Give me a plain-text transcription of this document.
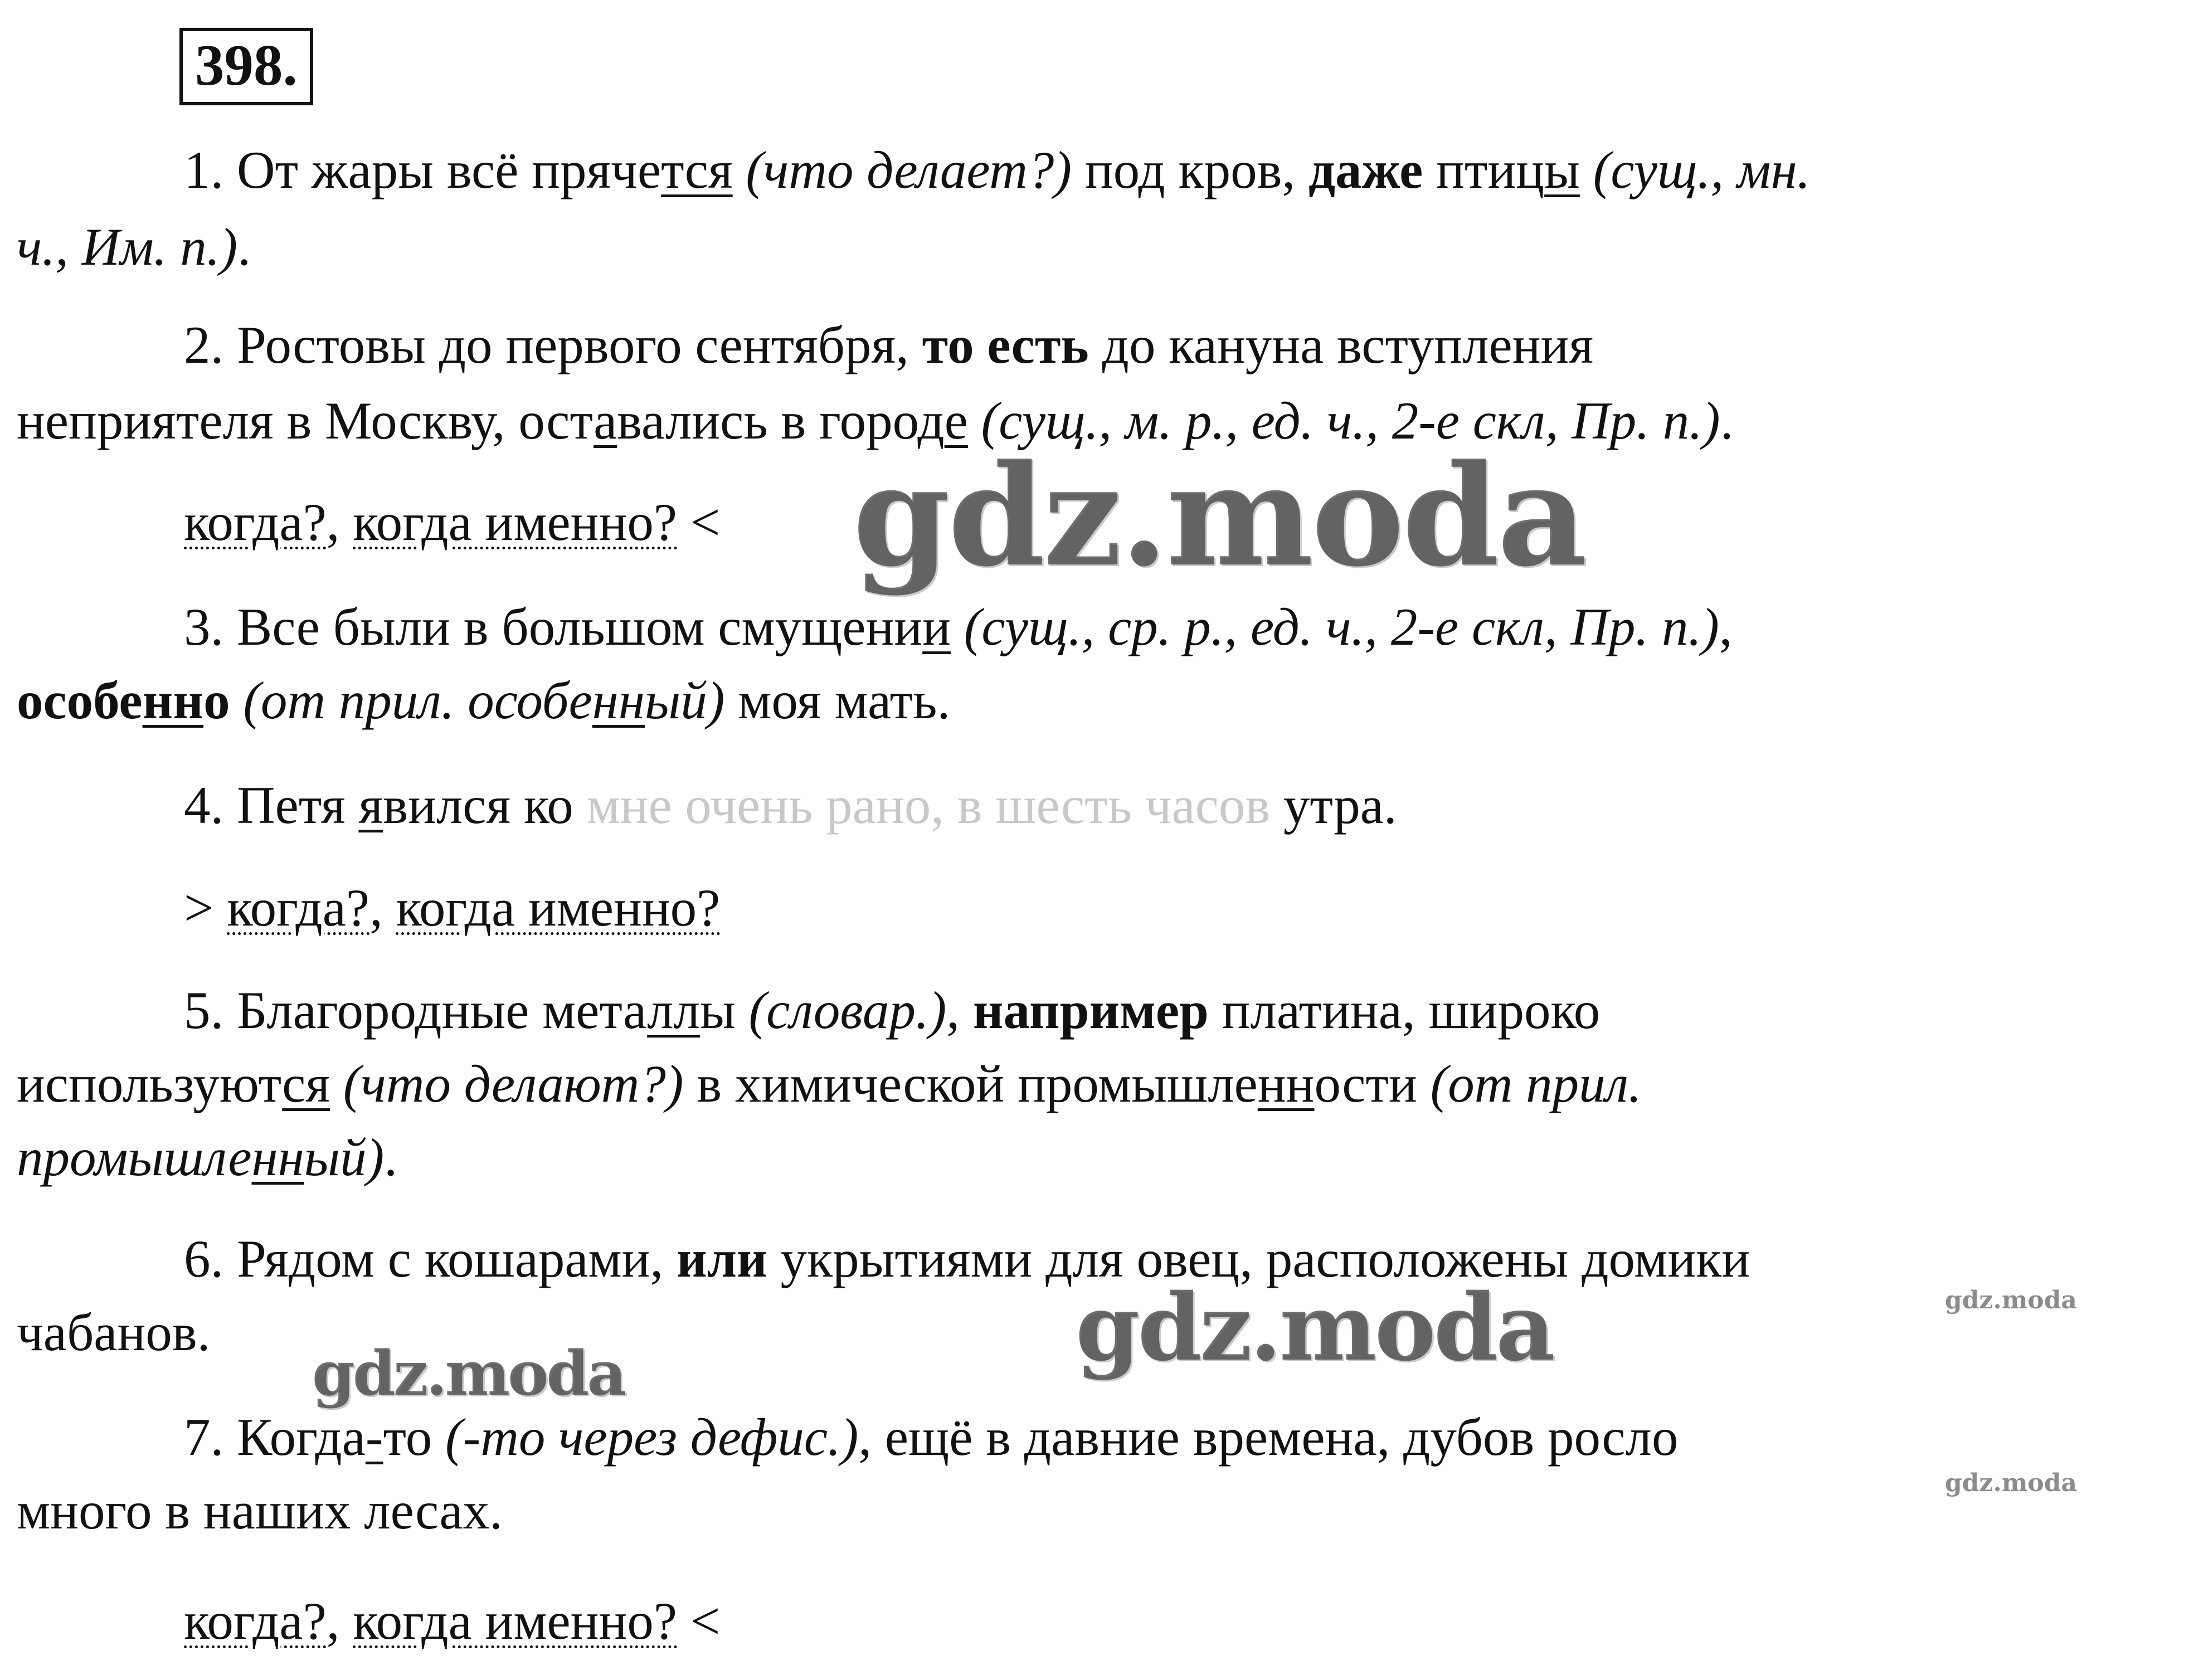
398.
1. От жары всё прячется (что делает?) под кров, даже птицы (сущ., мн.
ч., Им. п.).
2. Ростовы до первого сентября, то есть до кануна вступления
неприятеля в Москву, оставались в городе (сущ., м. р., ед. ч., 2-е скл, Пр. п.).
когда?, когда именно? <
3. Все были в большом смущении (сущ., ср. р., ед. ч., 2-е скл, Пр. п.),
особенно (от прил. особенный) моя мать.
4. Петя явился ко мне очень рано, в шесть часов утра.
> когда?, когда именно?
5. Благородные металлы (словар.), например платина, широко
используются (что делают?) в химической промышленности (от прил.
промышленный).
6. Рядом с кошарами, или укрытиями для овец, расположены домики
чабанов.
7. Когда-то (-то через дефис.), ещё в давние времена, дубов росло
много в наших лесах.
когда?, когда именно? <
gdz.moda
gdz.moda
gdz.moda
gdz.moda
gdz.moda
